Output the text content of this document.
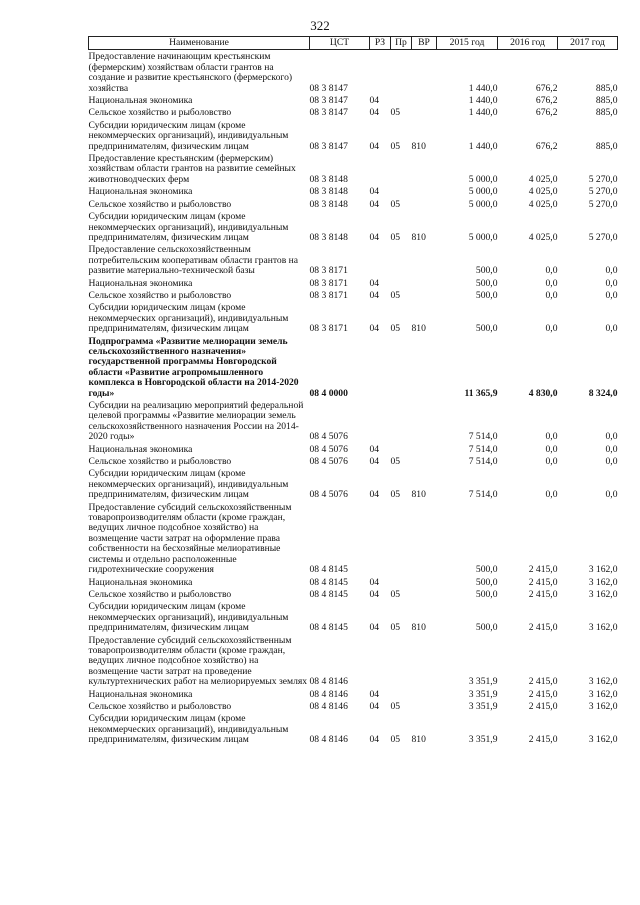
322
Наименование	ЦСТ	РЗ	Пр	ВР	2015 год	2016 год	2017 год
Предоставление начинающим крестьянским (фермерским) хозяйствам области грантов на создание и развитие крестьянского (фермерского) хозяйства	08 3 8147				1 440,0	676,2	885,0
Национальная экономика	08 3 8147	04			1 440,0	676,2	885,0
Сельское хозяйство и рыболовство	08 3 8147	04	05		1 440,0	676,2	885,0
Субсидии юридическим лицам (кроме некоммерческих организаций), индивидуальным предпринимателям, физическим лицам	08 3 8147	04	05	810	1 440,0	676,2	885,0
Предоставление крестьянским (фермерским) хозяйствам области грантов на развитие семейных животноводческих ферм	08 3 8148				5 000,0	4 025,0	5 270,0
Национальная экономика	08 3 8148	04			5 000,0	4 025,0	5 270,0
Сельское хозяйство и рыболовство	08 3 8148	04	05		5 000,0	4 025,0	5 270,0
Субсидии юридическим лицам (кроме некоммерческих организаций), индивидуальным предпринимателям, физическим лицам	08 3 8148	04	05	810	5 000,0	4 025,0	5 270,0
Предоставление сельскохозяйственным потребительским кооперативам области грантов на развитие материально-технической базы	08 3 8171				500,0	0,0	0,0
Национальная экономика	08 3 8171	04			500,0	0,0	0,0
Сельское хозяйство и рыболовство	08 3 8171	04	05		500,0	0,0	0,0
Субсидии юридическим лицам (кроме некоммерческих организаций), индивидуальным предпринимателям, физическим лицам	08 3 8171	04	05	810	500,0	0,0	0,0
Подпрограмма «Развитие мелиорации земель сельскохозяйственного назначения» государственной программы Новгородской области «Развитие агропромышленного комплекса в Новгородской области на 2014-2020 годы»	08 4 0000				11 365,9	4 830,0	8 324,0
Субсидии на реализацию мероприятий федеральной целевой программы «Развитие мелиорации земель сельскохозяйственного назначения России на 2014-2020 годы»	08 4 5076				7 514,0	0,0	0,0
Национальная экономика	08 4 5076	04			7 514,0	0,0	0,0
Сельское хозяйство и рыболовство	08 4 5076	04	05		7 514,0	0,0	0,0
Субсидии юридическим лицам (кроме некоммерческих организаций), индивидуальным предпринимателям, физическим лицам	08 4 5076	04	05	810	7 514,0	0,0	0,0
Предоставление субсидий сельскохозяйственным товаропроизводителям области (кроме граждан, ведущих личное подсобное хозяйство) на возмещение части затрат на оформление права собственности на бесхозяйные мелиоративные системы и отдельно расположенные гидротехнические сооружения	08 4 8145				500,0	2 415,0	3 162,0
Национальная экономика	08 4 8145	04			500,0	2 415,0	3 162,0
Сельское хозяйство и рыболовство	08 4 8145	04	05		500,0	2 415,0	3 162,0
Субсидии юридическим лицам (кроме некоммерческих организаций), индивидуальным предпринимателям, физическим лицам	08 4 8145	04	05	810	500,0	2 415,0	3 162,0
Предоставление субсидий сельскохозяйственным товаропроизводителям области (кроме граждан, ведущих личное подсобное хозяйство) на возмещение части затрат на проведение культуртехнических работ на мелиорируемых землях	08 4 8146				3 351,9	2 415,0	3 162,0
Национальная экономика	08 4 8146	04			3 351,9	2 415,0	3 162,0
Сельское хозяйство и рыболовство	08 4 8146	04	05		3 351,9	2 415,0	3 162,0
Субсидии юридическим лицам (кроме некоммерческих организаций), индивидуальным предпринимателям, физическим лицам	08 4 8146	04	05	810	3 351,9	2 415,0	3 162,0
